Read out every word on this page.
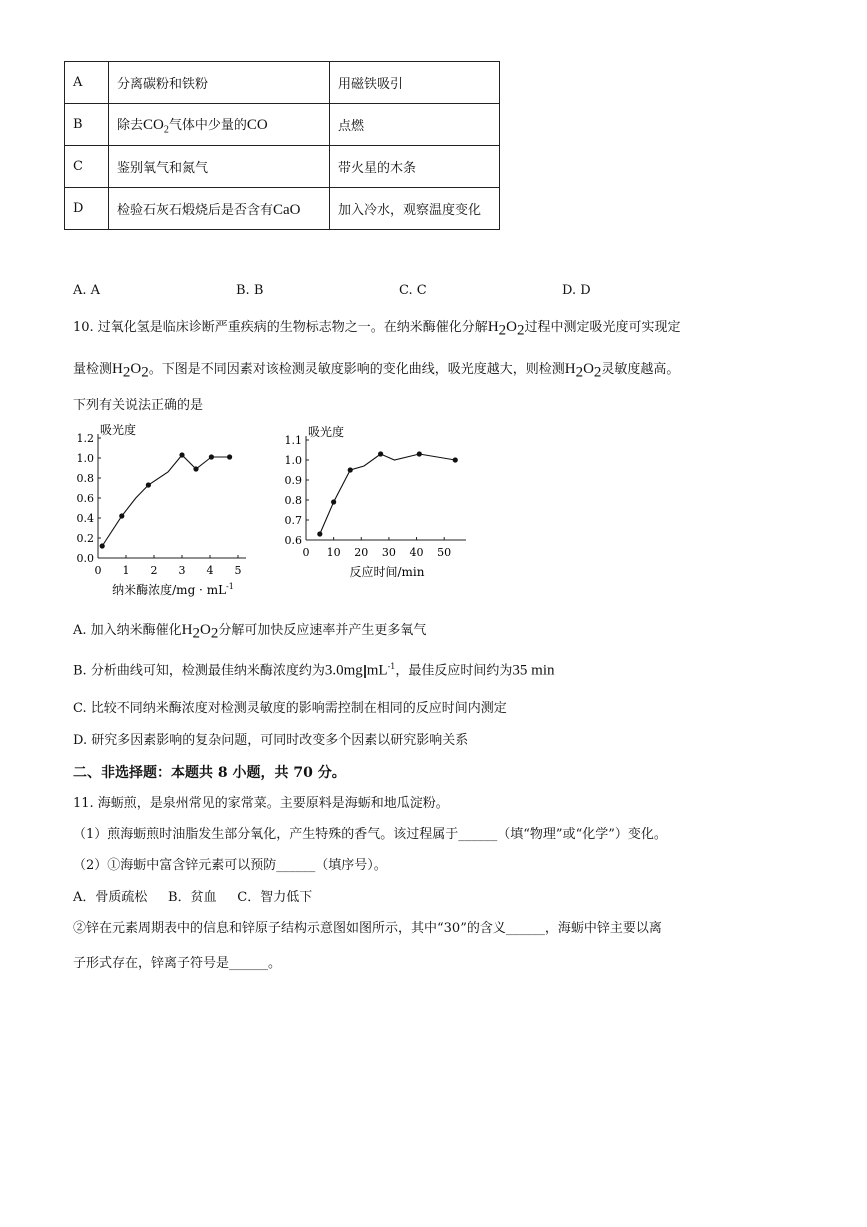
A	分离碳粉和铁粉	用磁铁吸引
B	除去$CO_2$气体中少量的CO	点燃
C	鉴别氧气和氮气	带火星的木条
D	检验石灰石煅烧后是否含有CaO	加入冷水，观察温度变化
A. A	B. B	C. C	D. D
10. 过氧化氢是临床诊断严重疾病的生物标志物之一。在纳米酶催化分解$H_2O_2$过程中测定吸光度可实现定
量检测$H_2O_2$。下图是不同因素对该检测灵敏度影响的变化曲线，吸光度越大，则检测$H_2O_2$灵敏度越高。
下列有关说法正确的是
0.0
0.2
0.4
0.6
0.8
1.0
1.2
0 1 2 3 4 5
吸光度
纳米酶浓度$/mg \cdot mL^{-1}$
0.6
0.7
0.8
0.9
1.0
1.1
0 10 20 30 40 50
吸光度
反应时间/min
A. 加入纳米酶催化$H_2O_2$分解可加快反应速率并产生更多氧气
B. 分析曲线可知，检测最佳纳米酶浓度约为3.0mg $mL^{-1}$，最佳反应时间约为35 min
C. 比较不同纳米酶浓度对检测灵敏度的影响需控制在相同的反应时间内测定
D. 研究多因素影响的复杂问题，可同时改变多个因素以研究影响关系
二、非选择题：本题共 8 小题，共 70 分。
11. 海蛎煎，是泉州常见的家常菜。主要原料是海蛎和地瓜淀粉。
（1）煎海蛎煎时油脂发生部分氧化，产生特殊的香气。该过程属于______（填“物理”或“化学”）变化。
（2）①海蛎中富含锌元素可以预防______（填序号）。
A．骨质疏松     B．贫血     C．智力低下
②锌在元素周期表中的信息和锌原子结构示意图如图所示，其中“30”的含义______，海蛎中锌主要以离
子形式存在，锌离子符号是______。
